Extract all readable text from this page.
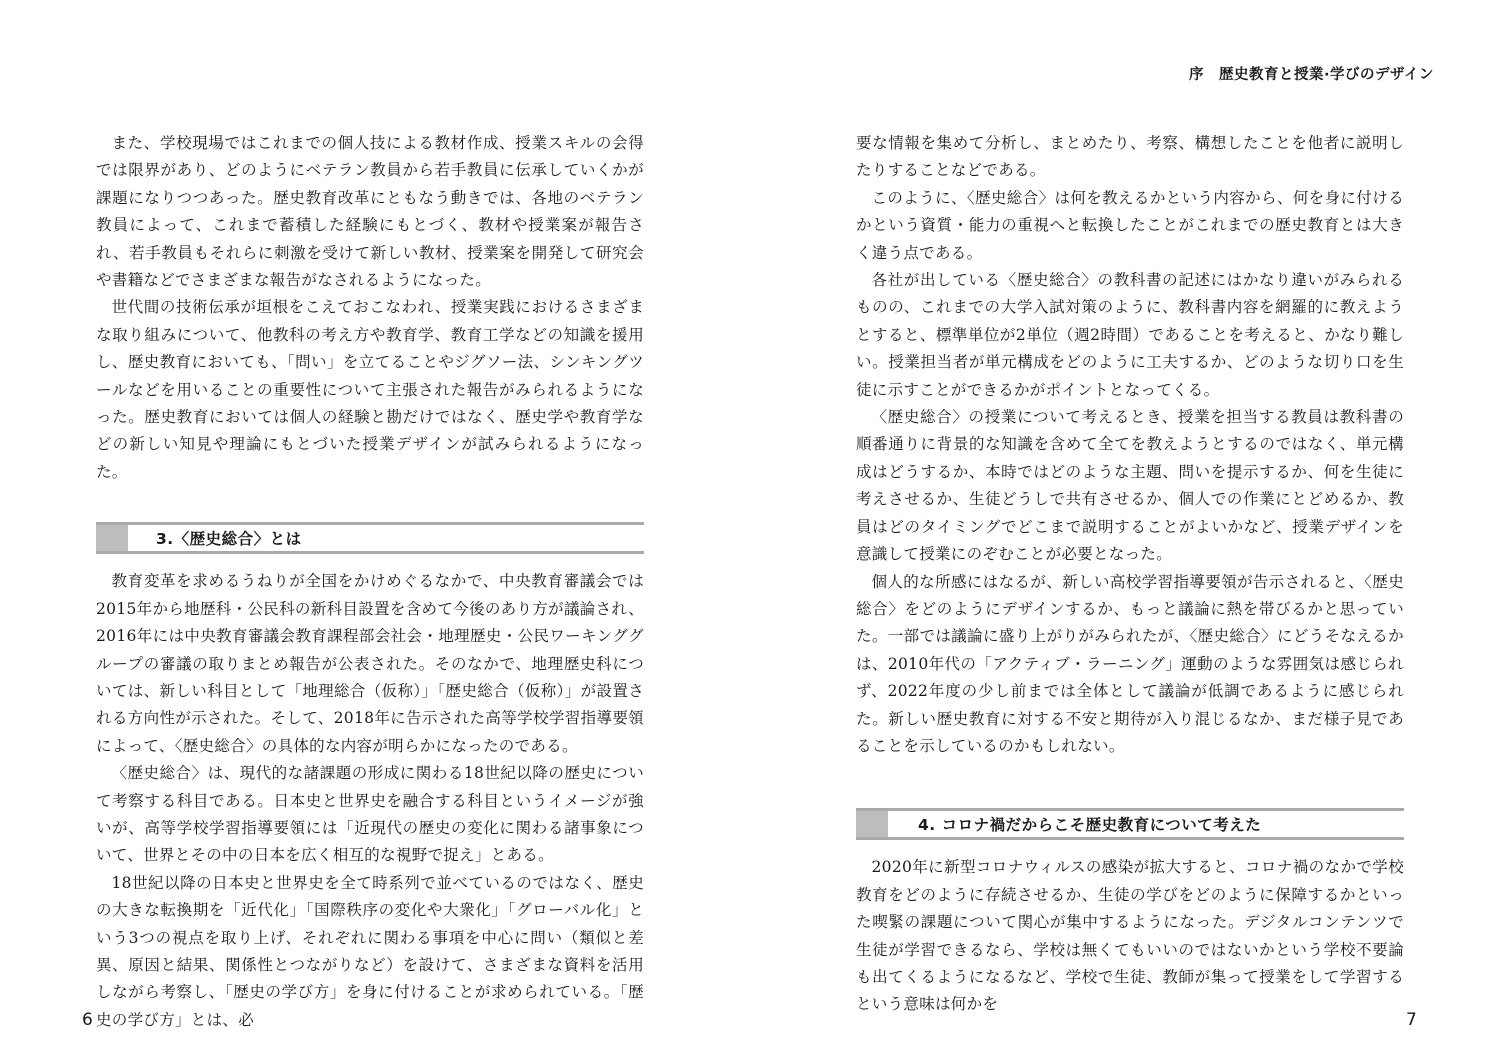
序　歴史教育と授業·学びのデザイン

また、学校現場ではこれまでの個人技による教材作成、授業スキルの会得では限界があり、どのようにベテラン教員から若手教員に伝承していくかが課題になりつつあった。歴史教育改革にともなう動きでは、各地のベテラン教員によって、これまで蓄積した経験にもとづく、教材や授業案が報告され、若手教員もそれらに刺激を受けて新しい教材、授業案を開発して研究会や書籍などでさまざまな報告がなされるようになった。

世代間の技術伝承が垣根をこえておこなわれ、授業実践におけるさまざまな取り組みについて、他教科の考え方や教育学、教育工学などの知識を援用し、歴史教育においても、「問い」を立てることやジグソー法、シンキングツールなどを用いることの重要性について主張された報告がみられるようになった。歴史教育においては個人の経験と勘だけではなく、歴史学や教育学などの新しい知見や理論にもとづいた授業デザインが試みられるようになった。

3.〈歴史総合〉とは

教育変革を求めるうねりが全国をかけめぐるなかで、中央教育審議会では2015年から地歴科・公民科の新科目設置を含めて今後のあり方が議論され、2016年には中央教育審議会教育課程部会社会・地理歴史・公民ワーキンググループの審議の取りまとめ報告が公表された。そのなかで、地理歴史科については、新しい科目として「地理総合（仮称）」「歴史総合（仮称）」が設置される方向性が示された。そして、2018年に告示された高等学校学習指導要領によって、〈歴史総合〉の具体的な内容が明らかになったのである。

〈歴史総合〉は、現代的な諸課題の形成に関わる18世紀以降の歴史について考察する科目である。日本史と世界史を融合する科目というイメージが強いが、高等学校学習指導要領には「近現代の歴史の変化に関わる諸事象について、世界とその中の日本を広く相互的な視野で捉え」とある。

18世紀以降の日本史と世界史を全て時系列で並べているのではなく、歴史の大きな転換期を「近代化」「国際秩序の変化や大衆化」「グローバル化」という3つの視点を取り上げ、それぞれに関わる事項を中心に問い（類似と差異、原因と結果、関係性とつながりなど）を設けて、さまざまな資料を活用しながら考察し、「歴史の学び方」を身に付けることが求められている。「歴史の学び方」とは、必

要な情報を集めて分析し、まとめたり、考察、構想したことを他者に説明したりすることなどである。

このように、〈歴史総合〉は何を教えるかという内容から、何を身に付けるかという資質・能力の重視へと転換したことがこれまでの歴史教育とは大きく違う点である。

各社が出している〈歴史総合〉の教科書の記述にはかなり違いがみられるものの、これまでの大学入試対策のように、教科書内容を網羅的に教えようとすると、標準単位が2単位（週2時間）であることを考えると、かなり難しい。授業担当者が単元構成をどのように工夫するか、どのような切り口を生徒に示すことができるかがポイントとなってくる。

〈歴史総合〉の授業について考えるとき、授業を担当する教員は教科書の順番通りに背景的な知識を含めて全てを教えようとするのではなく、単元構成はどうするか、本時ではどのような主題、問いを提示するか、何を生徒に考えさせるか、生徒どうしで共有させるか、個人での作業にとどめるか、教員はどのタイミングでどこまで説明することがよいかなど、授業デザインを意識して授業にのぞむことが必要となった。

個人的な所感にはなるが、新しい高校学習指導要領が告示されると、〈歴史総合〉をどのようにデザインするか、もっと議論に熱を帯びるかと思っていた。一部では議論に盛り上がりがみられたが、〈歴史総合〉にどうそなえるかは、2010年代の「アクティブ・ラーニング」運動のような雰囲気は感じられず、2022年度の少し前までは全体として議論が低調であるように感じられた。新しい歴史教育に対する不安と期待が入り混じるなか、まだ様子見であることを示しているのかもしれない。

4. コロナ禍だからこそ歴史教育について考えた

2020年に新型コロナウィルスの感染が拡大すると、コロナ禍のなかで学校教育をどのように存続させるか、生徒の学びをどのように保障するかといった喫緊の課題について関心が集中するようになった。デジタルコンテンツで生徒が学習できるなら、学校は無くてもいいのではないかという学校不要論も出てくるようになるなど、学校で生徒、教師が集って授業をして学習するという意味は何かを

6	7
